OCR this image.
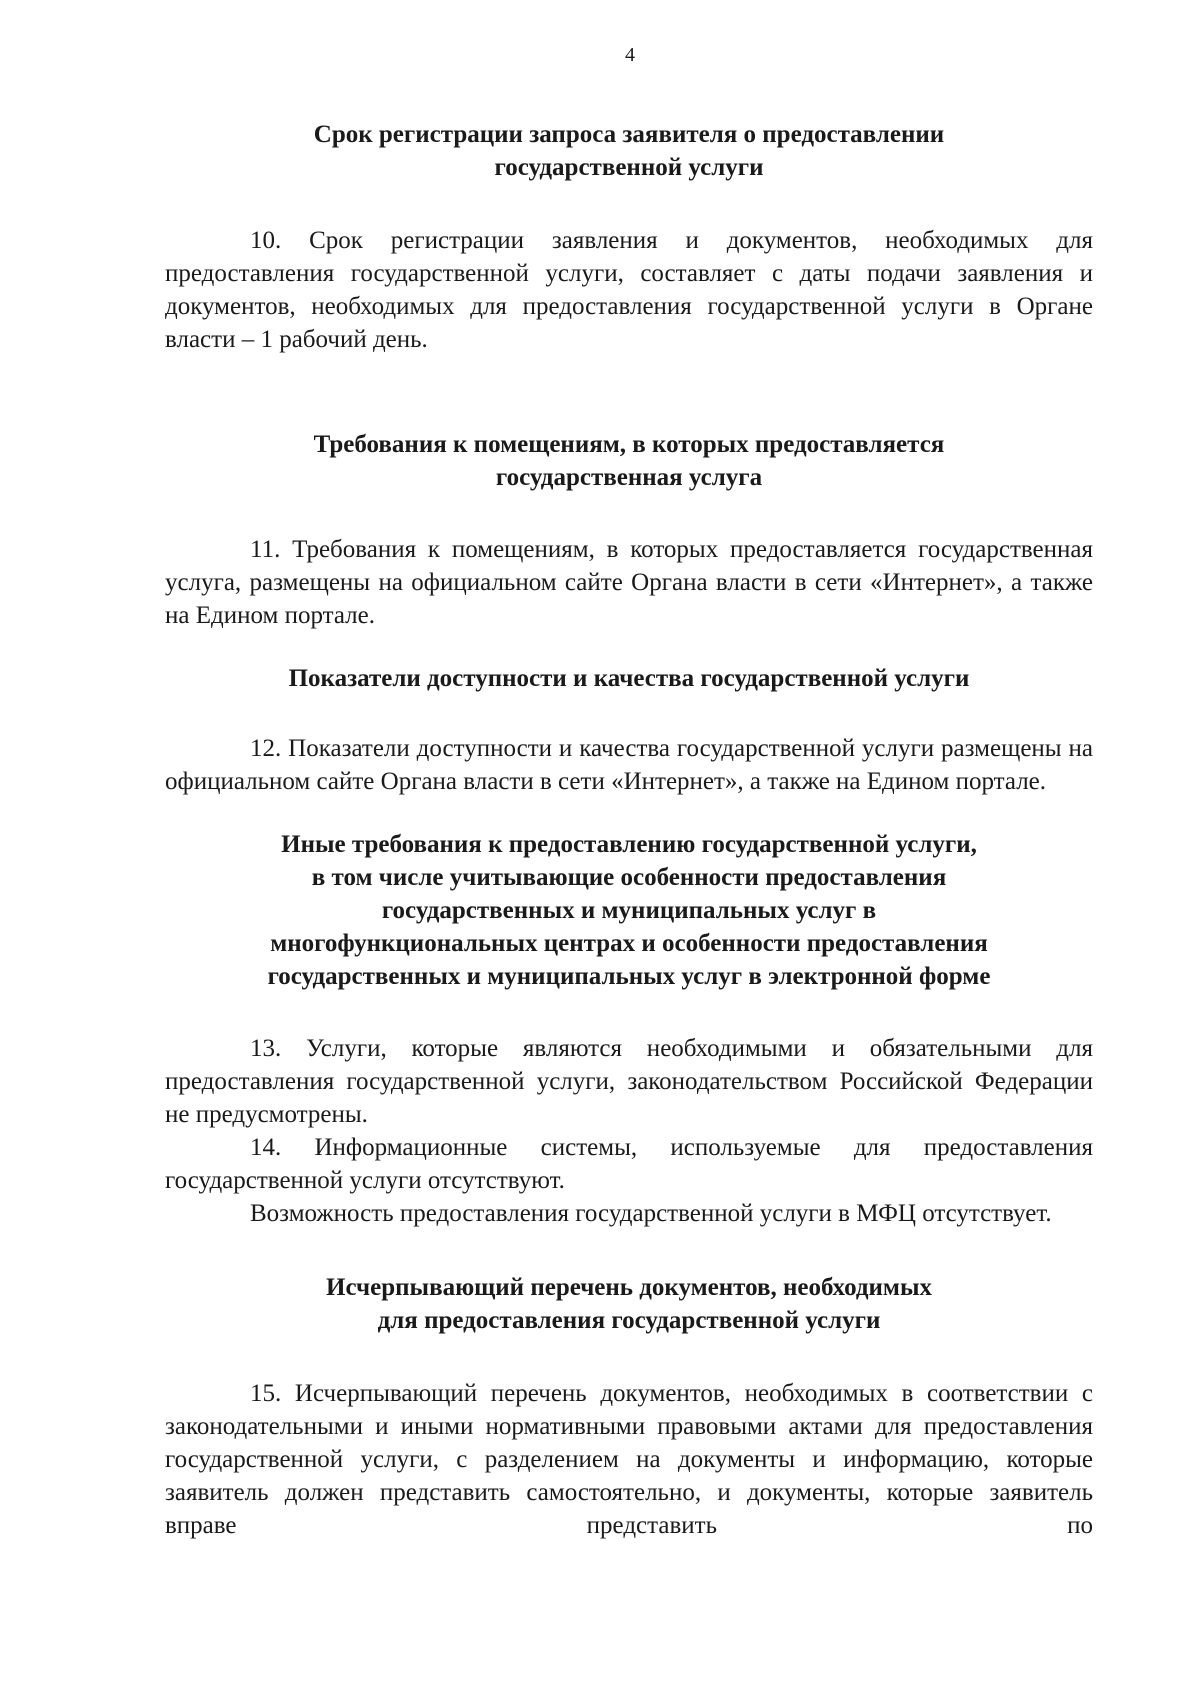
4
Срок регистрации запроса заявителя о предоставлении
государственной услуги

10. Срок регистрации заявления и документов, необходимых для предоставления государственной услуги, составляет с даты подачи заявления и документов, необходимых для предоставления государственной услуги в Органе власти – 1 рабочий день.

Требования к помещениям, в которых предоставляется
государственная услуга

11. Требования к помещениям, в которых предоставляется государственная услуга, размещены на официальном сайте Органа власти в сети «Интернет», а также на Едином портале.

Показатели доступности и качества государственной услуги

12. Показатели доступности и качества государственной услуги размещены на официальном сайте Органа власти в сети «Интернет», а также на Едином портале.

Иные требования к предоставлению государственной услуги,
в том числе учитывающие особенности предоставления
государственных и муниципальных услуг в
многофункциональных центрах и особенности предоставления
государственных и муниципальных услуг в электронной форме

13. Услуги, которые являются необходимыми и обязательными для предоставления государственной услуги, законодательством Российской Федерации не предусмотрены.

14. Информационные системы, используемые для предоставления государственной услуги отсутствуют.

Возможность предоставления государственной услуги в МФЦ отсутствует.

Исчерпывающий перечень документов, необходимых
для предоставления государственной услуги

15. Исчерпывающий перечень документов, необходимых в соответствии с законодательными и иными нормативными правовыми актами для предоставления государственной услуги, с разделением на документы и информацию, которые заявитель должен представить самостоятельно, и документы, которые заявитель вправе представить по
